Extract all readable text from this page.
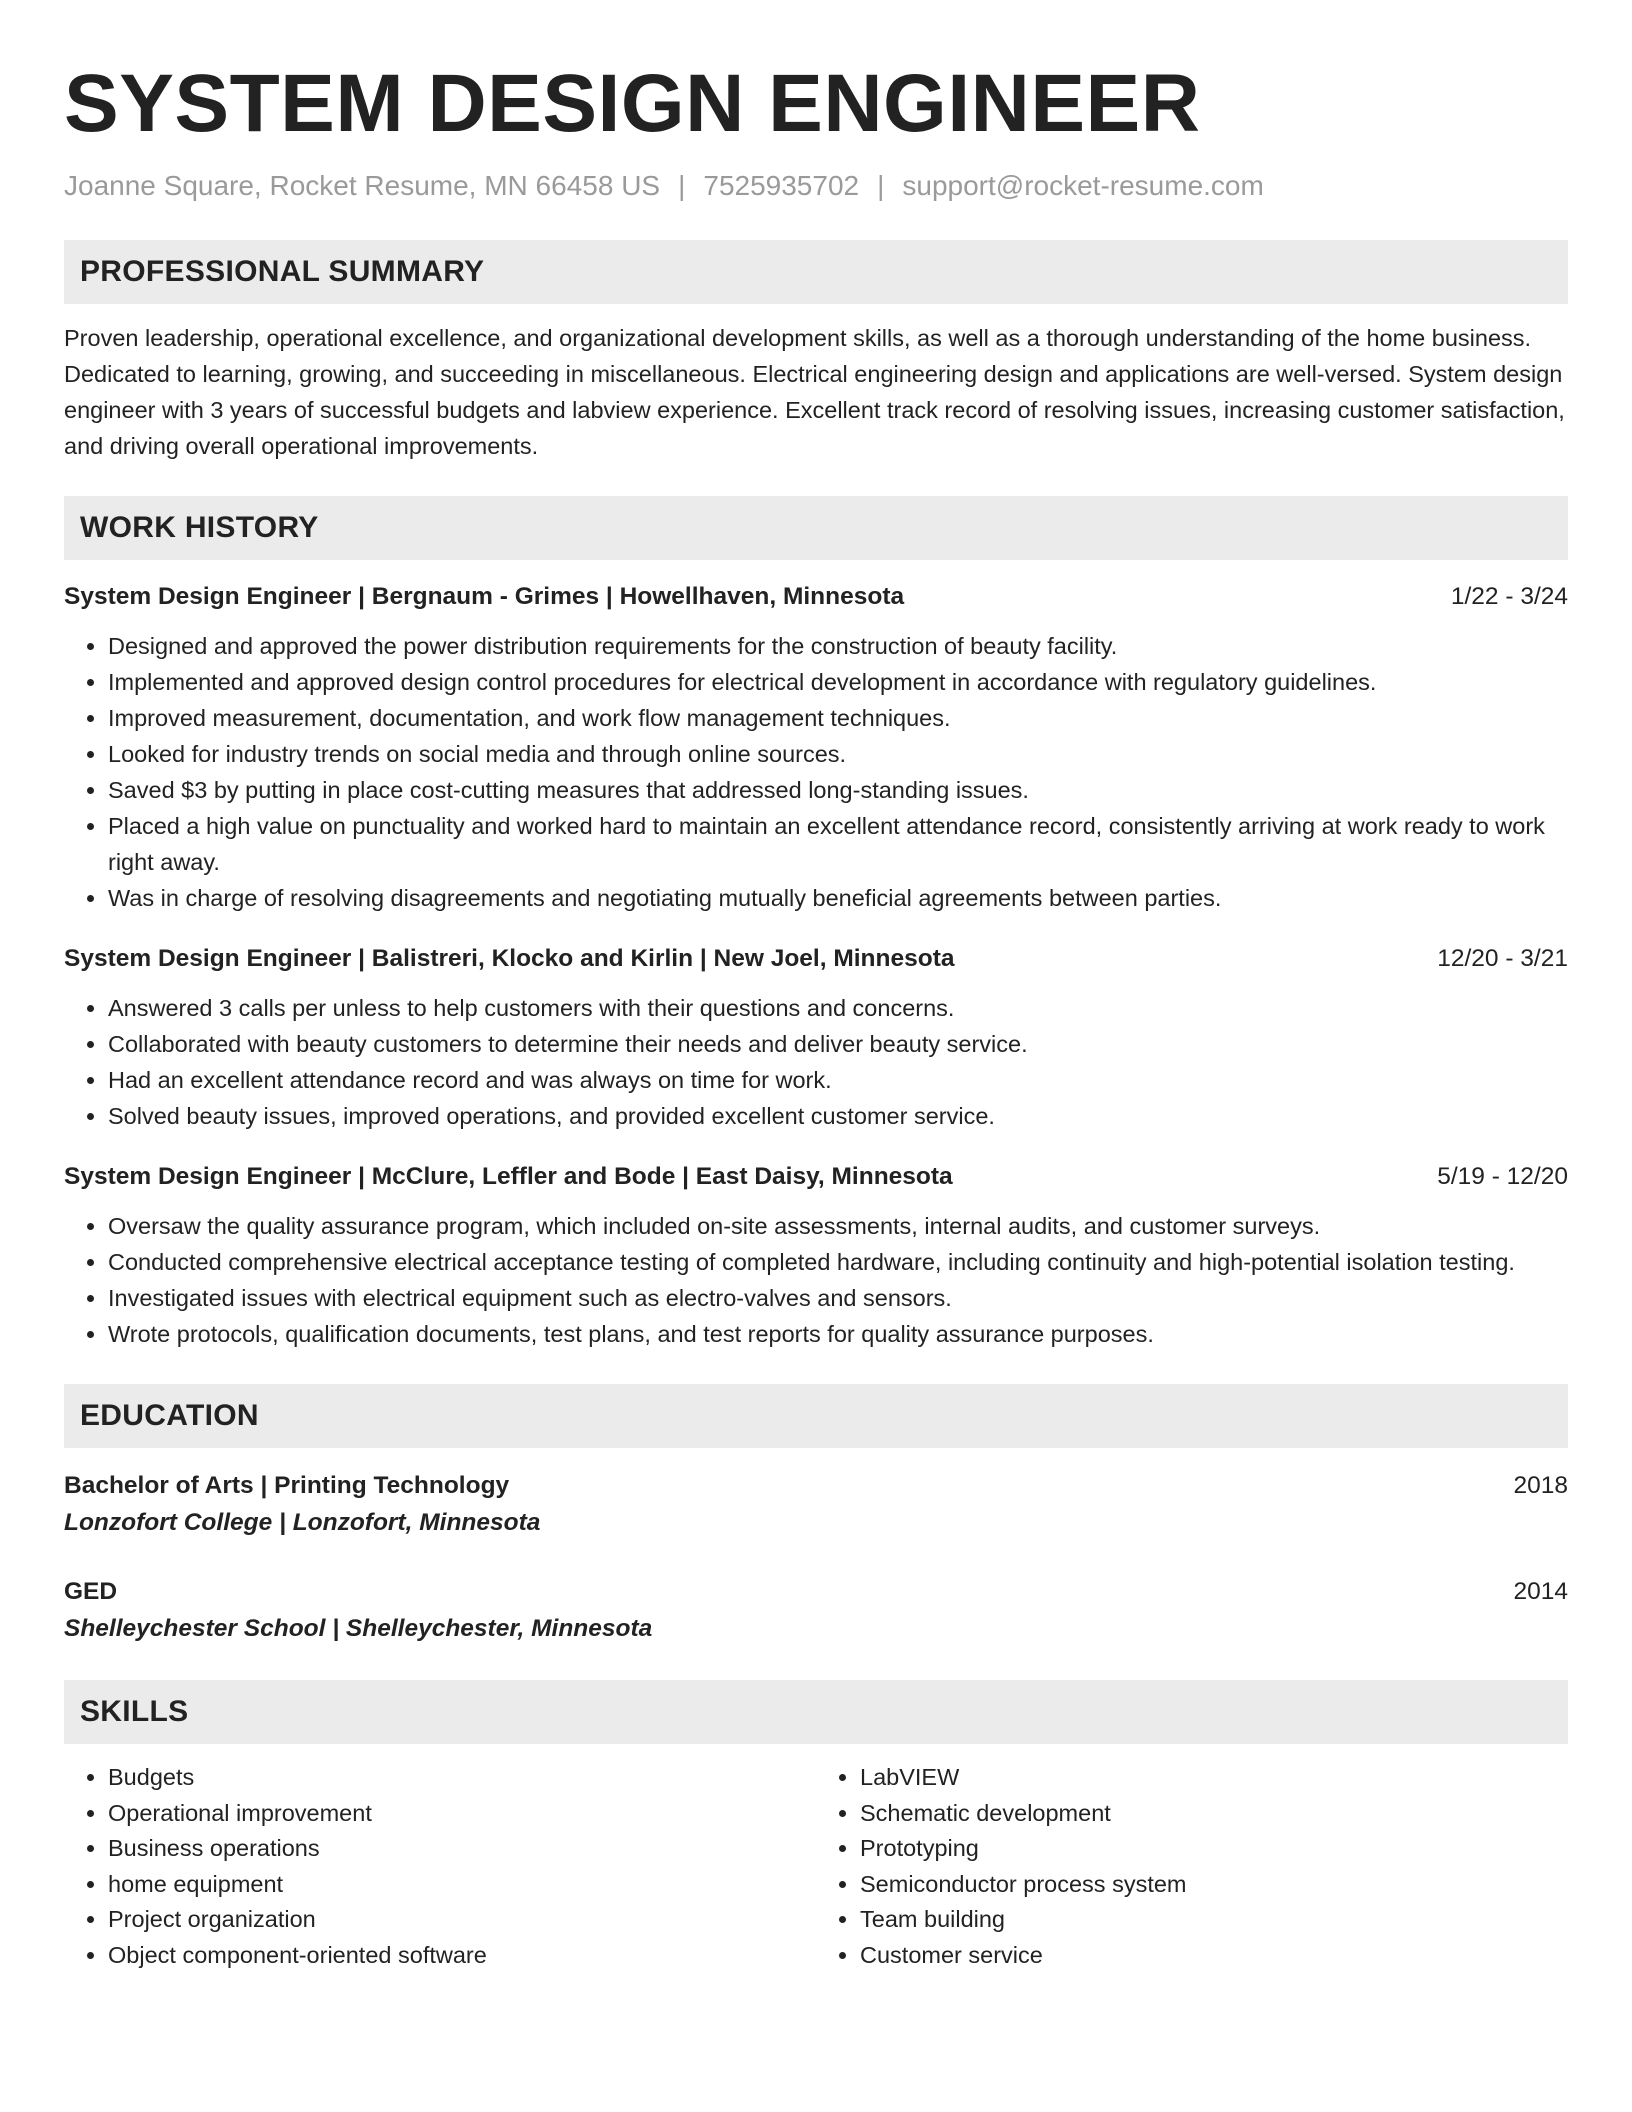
SYSTEM DESIGN ENGINEER
Joanne Square, Rocket Resume, MN 66458 US | 7525935702 | support@rocket-resume.com
PROFESSIONAL SUMMARY

Proven leadership, operational excellence, and organizational development skills, as well as a thorough understanding of the home business. Dedicated to learning, growing, and succeeding in miscellaneous. Electrical engineering design and applications are well-versed. System design engineer with 3 years of successful budgets and labview experience. Excellent track record of resolving issues, increasing customer satisfaction, and driving overall operational improvements.

WORK HISTORY
System Design Engineer | Bergnaum - Grimes | Howellhaven, Minnesota	1/22 - 3/24
• Designed and approved the power distribution requirements for the construction of beauty facility.
• Implemented and approved design control procedures for electrical development in accordance with regulatory guidelines.
• Improved measurement, documentation, and work flow management techniques.
• Looked for industry trends on social media and through online sources.
• Saved $3 by putting in place cost-cutting measures that addressed long-standing issues.
• Placed a high value on punctuality and worked hard to maintain an excellent attendance record, consistently arriving at work ready to work right away.
• Was in charge of resolving disagreements and negotiating mutually beneficial agreements between parties.
System Design Engineer | Balistreri, Klocko and Kirlin | New Joel, Minnesota	12/20 - 3/21
• Answered 3 calls per unless to help customers with their questions and concerns.
• Collaborated with beauty customers to determine their needs and deliver beauty service.
• Had an excellent attendance record and was always on time for work.
• Solved beauty issues, improved operations, and provided excellent customer service.
System Design Engineer | McClure, Leffler and Bode | East Daisy, Minnesota	5/19 - 12/20
• Oversaw the quality assurance program, which included on-site assessments, internal audits, and customer surveys.
• Conducted comprehensive electrical acceptance testing of completed hardware, including continuity and high-potential isolation testing.
• Investigated issues with electrical equipment such as electro-valves and sensors.
• Wrote protocols, qualification documents, test plans, and test reports for quality assurance purposes.
EDUCATION
Bachelor of Arts | Printing Technology	2018
Lonzofort College | Lonzofort, Minnesota
GED	2014
Shelleychester School | Shelleychester, Minnesota
SKILLS
• Budgets
• Operational improvement
• Business operations
• home equipment
• Project organization
• Object component-oriented software
• LabVIEW
• Schematic development
• Prototyping
• Semiconductor process system
• Team building
• Customer service
